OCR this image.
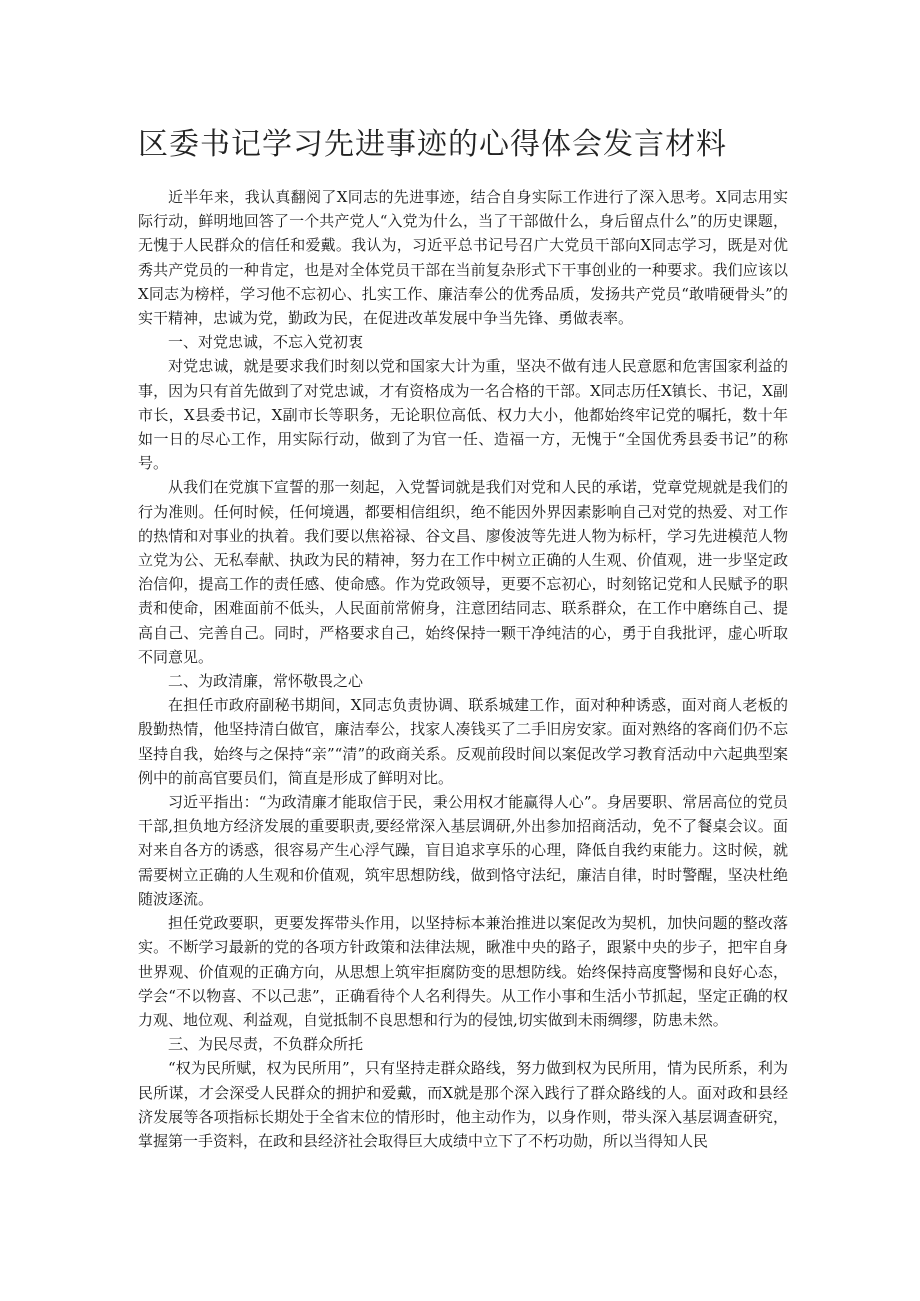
区委书记学习先进事迹的心得体会发言材料

近半年来，我认真翻阅了X同志的先进事迹，结合自身实际工作进行了深入思考。X同志用实际行动，鲜明地回答了一个共产党人“入党为什么，当了干部做什么，身后留点什么”的历史课题，无愧于人民群众的信任和爱戴。我认为，习近平总书记号召广大党员干部向X同志学习，既是对优秀共产党员的一种肯定，也是对全体党员干部在当前复杂形式下干事创业的一种要求。我们应该以X同志为榜样，学习他不忘初心、扎实工作、廉洁奉公的优秀品质，发扬共产党员“敢啃硬骨头”的实干精神，忠诚为党，勤政为民，在促进改革发展中争当先锋、勇做表率。

一、对党忠诚，不忘入党初衷

对党忠诚，就是要求我们时刻以党和国家大计为重，坚决不做有违人民意愿和危害国家利益的事，因为只有首先做到了对党忠诚，才有资格成为一名合格的干部。X同志历任X镇长、书记，X副市长，X县委书记，X副市长等职务，无论职位高低、权力大小，他都始终牢记党的嘱托，数十年如一日的尽心工作，用实际行动，做到了为官一任、造福一方，无愧于“全国优秀县委书记”的称号。

从我们在党旗下宣誓的那一刻起，入党誓词就是我们对党和人民的承诺，党章党规就是我们的行为准则。任何时候，任何境遇，都要相信组织，绝不能因外界因素影响自己对党的热爱、对工作的热情和对事业的执着。我们要以焦裕禄、谷文昌、廖俊波等先进人物为标杆，学习先进模范人物立党为公、无私奉献、执政为民的精神，努力在工作中树立正确的人生观、价值观，进一步坚定政治信仰，提高工作的责任感、使命感。作为党政领导，更要不忘初心，时刻铭记党和人民赋予的职责和使命，困难面前不低头，人民面前常俯身，注意团结同志、联系群众，在工作中磨练自己、提高自己、完善自己。同时，严格要求自己，始终保持一颗干净纯洁的心，勇于自我批评，虚心听取不同意见。

二、为政清廉，常怀敬畏之心

在担任市政府副秘书期间，X同志负责协调、联系城建工作，面对种种诱惑，面对商人老板的殷勤热情，他坚持清白做官，廉洁奉公，找家人凑钱买了二手旧房安家。面对熟络的客商们仍不忘坚持自我，始终与之保持“亲”“清”的政商关系。反观前段时间以案促改学习教育活动中六起典型案例中的前高官要员们，简直是形成了鲜明对比。

习近平指出：“为政清廉才能取信于民，秉公用权才能赢得人心”。身居要职、常居高位的党员干部,担负地方经济发展的重要职责,要经常深入基层调研,外出参加招商活动，免不了餐桌会议。面对来自各方的诱惑，很容易产生心浮气躁，盲目追求享乐的心理，降低自我约束能力。这时候，就需要树立正确的人生观和价值观，筑牢思想防线，做到恪守法纪，廉洁自律，时时警醒，坚决杜绝随波逐流。

担任党政要职，更要发挥带头作用，以坚持标本兼治推进以案促改为契机，加快问题的整改落实。不断学习最新的党的各项方针政策和法律法规，瞅准中央的路子，跟紧中央的步子，把牢自身世界观、价值观的正确方向，从思想上筑牢拒腐防变的思想防线。始终保持高度警惕和良好心态，学会“不以物喜、不以己悲”，正确看待个人名利得失。从工作小事和生活小节抓起，坚定正确的权力观、地位观、利益观，自觉抵制不良思想和行为的侵蚀,切实做到未雨绸缪，防患未然。

三、为民尽责，不负群众所托

“权为民所赋，权为民所用”，只有坚持走群众路线，努力做到权为民所用，情为民所系，利为民所谋，才会深受人民群众的拥护和爱戴，而X就是那个深入践行了群众路线的人。面对政和县经济发展等各项指标长期处于全省末位的情形时，他主动作为，以身作则，带头深入基层调查研究，掌握第一手资料，在政和县经济社会取得巨大成绩中立下了不朽功勋，所以当得知人民
